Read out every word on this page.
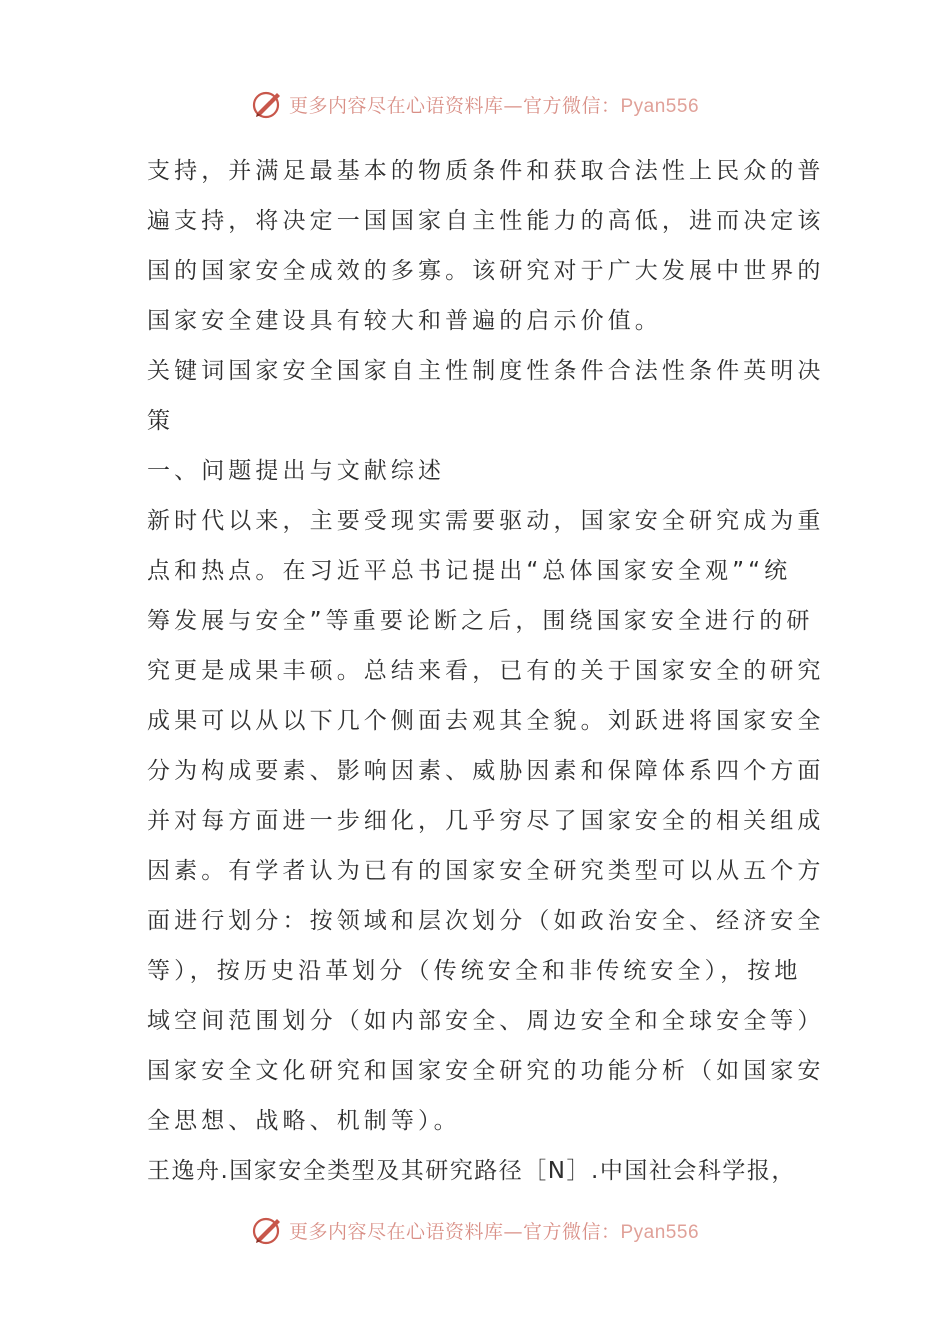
更多内容尽在心语资料库—官方微信：Pyan556
支持，并满足最基本的物质条件和获取合法性上民众的普
遍支持，将决定一国国家自主性能力的高低，进而决定该
国的国家安全成效的多寡。该研究对于广大发展中世界的
国家安全建设具有较大和普遍的启示价值。
关键词国家安全国家自主性制度性条件合法性条件英明决
策
一、问题提出与文献综述
新时代以来，主要受现实需要驱动，国家安全研究成为重
点和热点。在习近平总书记提出“总体国家安全观”“统
筹发展与安全”等重要论断之后，围绕国家安全进行的研
究更是成果丰硕。总结来看，已有的关于国家安全的研究
成果可以从以下几个侧面去观其全貌。刘跃进将国家安全
分为构成要素、影响因素、威胁因素和保障体系四个方面
并对每方面进一步细化，几乎穷尽了国家安全的相关组成
因素。有学者认为已有的国家安全研究类型可以从五个方
面进行划分：按领域和层次划分（如政治安全、经济安全
等），按历史沿革划分（传统安全和非传统安全），按地
域空间范围划分（如内部安全、周边安全和全球安全等）
国家安全文化研究和国家安全研究的功能分析（如国家安
全思想、战略、机制等）。
王逸舟.国家安全类型及其研究路径［N］.中国社会科学报，
更多内容尽在心语资料库—官方微信：Pyan556
